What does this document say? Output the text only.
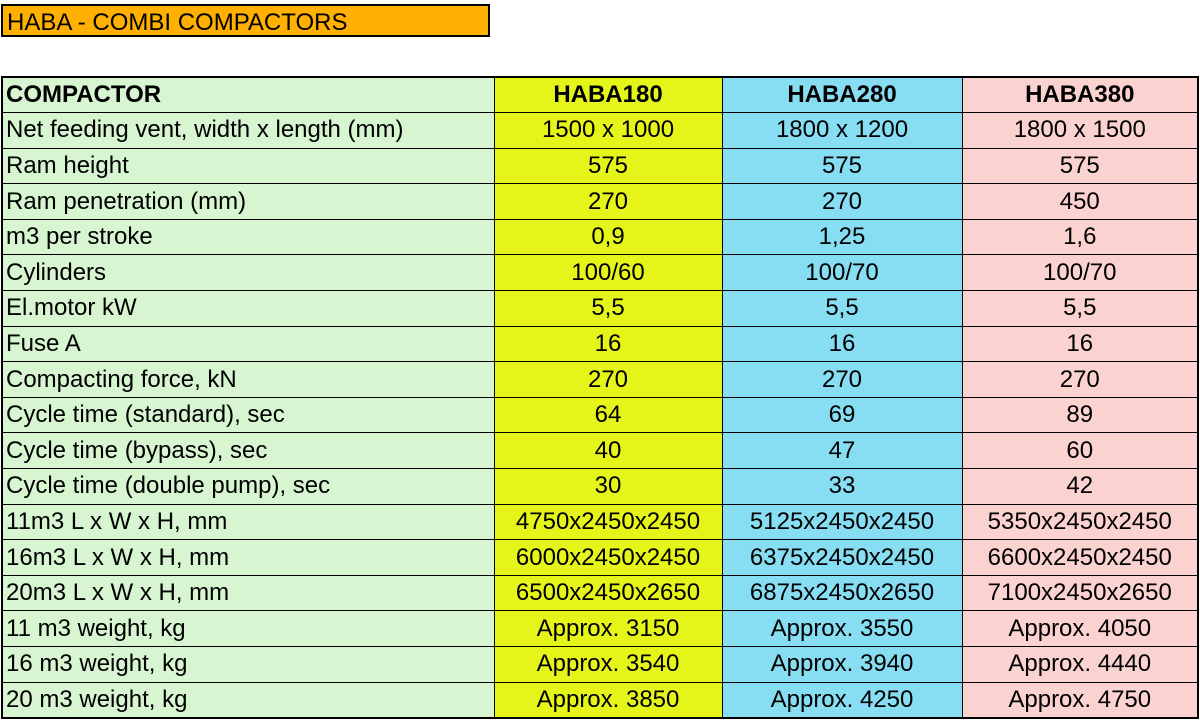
HABA - COMBI COMPACTORS
COMPACTOR	HABA180	HABA280	HABA380
Net feeding vent, width x length (mm)	1500 x 1000	1800 x 1200	1800 x 1500
Ram height	575	575	575
Ram penetration (mm)	270	270	450
m3 per stroke	0,9	1,25	1,6
Cylinders	100/60	100/70	100/70
El.motor kW	5,5	5,5	5,5
Fuse A	16	16	16
Compacting force, kN	270	270	270
Cycle time (standard), sec	64	69	89
Cycle time (bypass), sec	40	47	60
Cycle time (double pump), sec	30	33	42
11m3 L x W x H, mm	4750x2450x2450	5125x2450x2450	5350x2450x2450
16m3 L x W x H, mm	6000x2450x2450	6375x2450x2450	6600x2450x2450
20m3 L x W x H, mm	6500x2450x2650	6875x2450x2650	7100x2450x2650
11 m3 weight, kg	Approx. 3150	Approx. 3550	Approx. 4050
16 m3 weight, kg	Approx. 3540	Approx. 3940	Approx. 4440
20 m3 weight, kg	Approx. 3850	Approx. 4250	Approx. 4750
